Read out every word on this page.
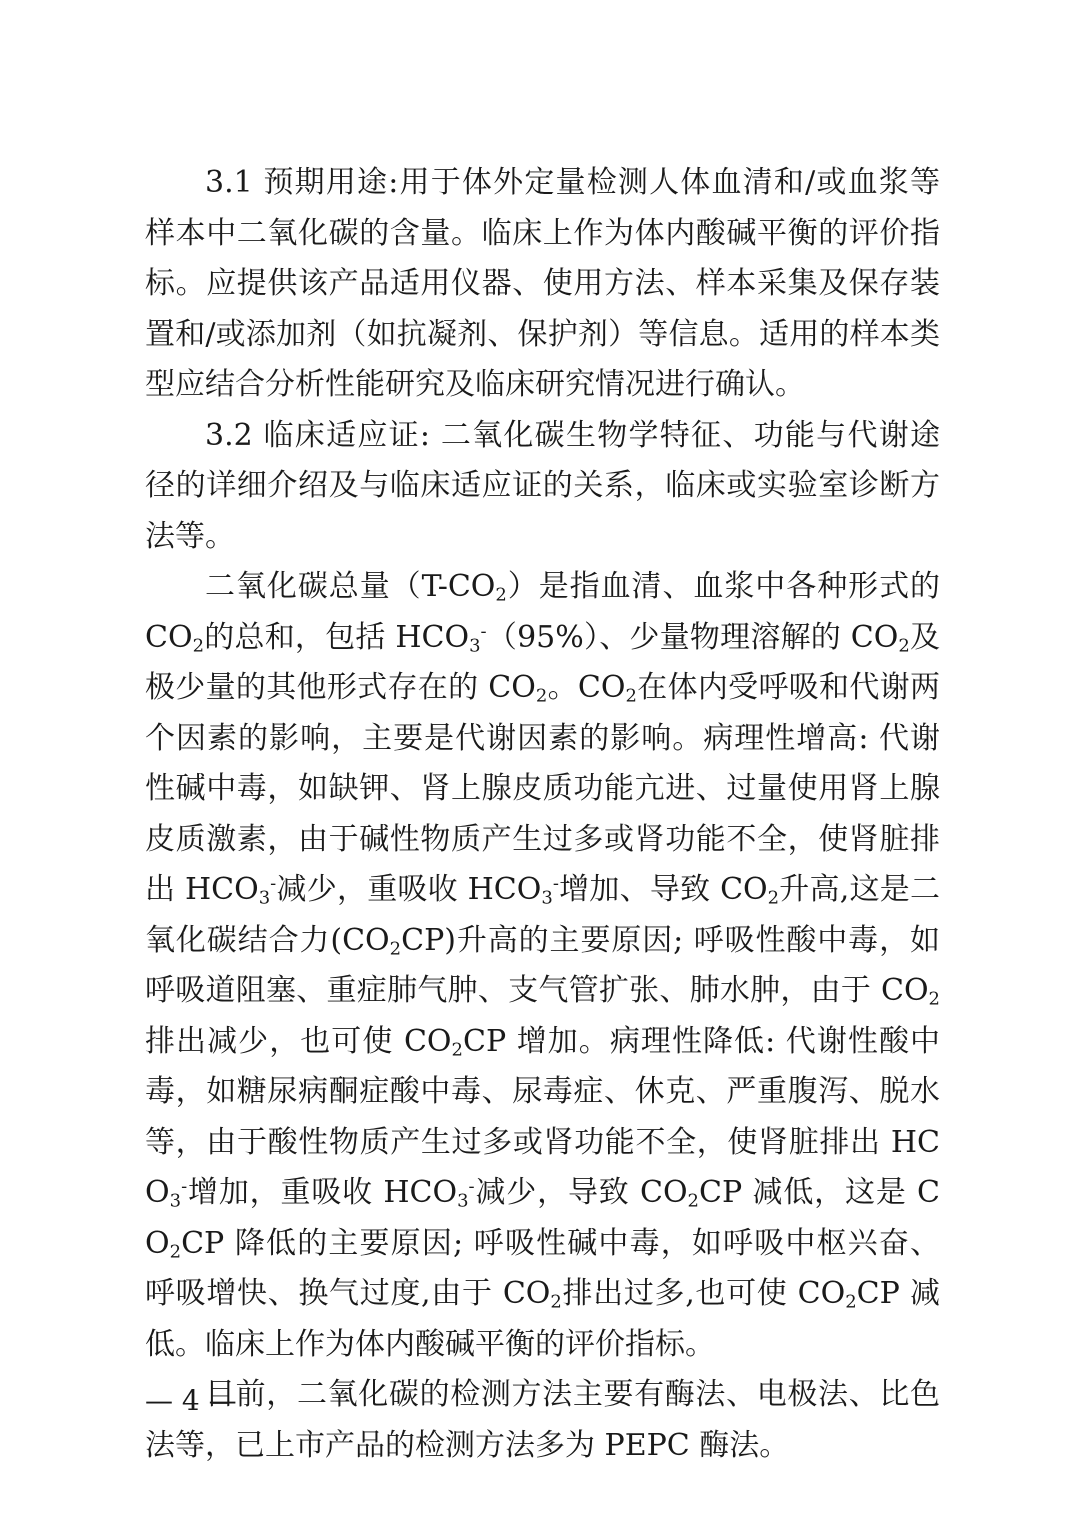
3.1 预期用途:用于体外定量检测人体血清和/或血浆等样本中二氧化碳的含量。临床上作为体内酸碱平衡的评价指标。应提供该产品适用仪器、使用方法、样本采集及保存装置和/或添加剂（如抗凝剂、保护剂）等信息。适用的样本类型应结合分析性能研究及临床研究情况进行确认。

3.2 临床适应证: 二氧化碳生物学特征、功能与代谢途径的详细介绍及与临床适应证的关系，临床或实验室诊断方法等。

二氧化碳总量$(T-CO_2)$是指血清、血浆中各种形式的 $CO_2$的总和，包括 $HCO_3^-(95\%)$、少量物理溶解的 $CO_2$及极少量的其他形式存在的 $CO_2$。$CO_2$在体内受呼吸和代谢两个因素的影响，主要是代谢因素的影响。病理性增高: 代谢性碱中毒，如缺钾、肾上腺皮质功能亢进、过量使用肾上腺皮质激素，由于碱性物质产生过多或肾功能不全，使肾脏排出 $HCO_3^-$减少，重吸收 $HCO_3^-$增加、导致 $CO_2$升高,这是二氧化碳结合力$(CO_2CP)$升高的主要原因; 呼吸性酸中毒，如呼吸道阻塞、重症肺气肿、支气管扩张、肺水肿，由于 $CO_2$排出减少，也可使 $CO_2CP$ 增加。病理性降低: 代谢性酸中毒，如糖尿病酮症酸中毒、尿毒症、休克、严重腹泻、脱水等，由于酸性物质产生过多或肾功能不全，使肾脏排出 $HCO_3^-$增加，重吸收 $HCO_3^-$减少，导致 $CO_2CP$ 减低，这是 $CO_2CP$ 降低的主要原因; 呼吸性碱中毒，如呼吸中枢兴奋、呼吸增快、换气过度,由于 $CO_2$排出过多,也可使 $CO_2CP$ 减低。临床上作为体内酸碱平衡的评价指标。

目前，二氧化碳的检测方法主要有酶法、电极法、比色法等，已上市产品的检测方法多为 PEPC 酶法。

— 4 —
